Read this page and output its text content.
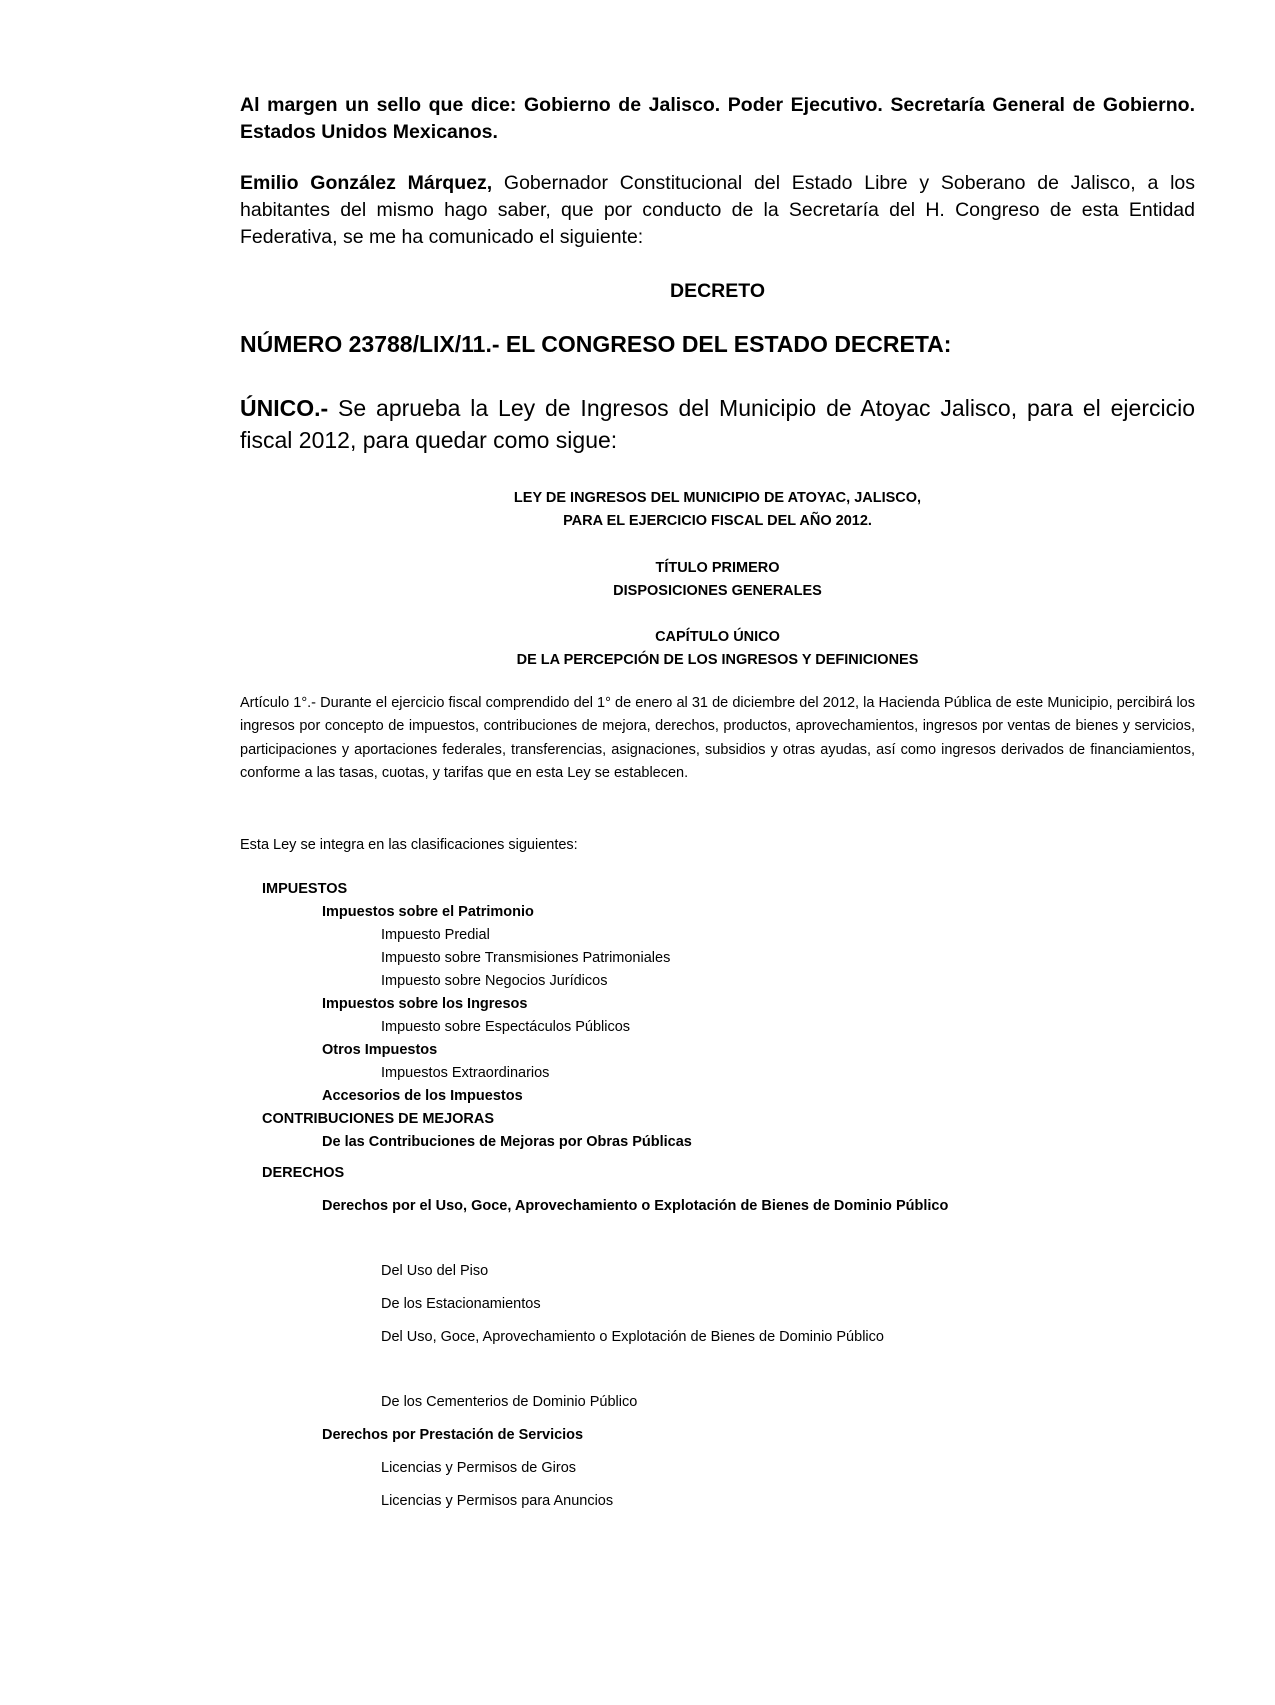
Al margen un sello que dice: Gobierno de Jalisco. Poder Ejecutivo. Secretaría General de Gobierno. Estados Unidos Mexicanos.
Emilio González Márquez, Gobernador Constitucional del Estado Libre y Soberano de Jalisco, a los habitantes del mismo hago saber, que por conducto de la Secretaría del H. Congreso de esta Entidad Federativa, se me ha comunicado el siguiente:
DECRETO
NÚMERO 23788/LIX/11.- EL CONGRESO DEL ESTADO DECRETA:
ÚNICO.- Se aprueba la Ley de Ingresos del Municipio de Atoyac Jalisco, para el ejercicio fiscal 2012, para quedar como sigue:
LEY DE INGRESOS DEL MUNICIPIO DE ATOYAC, JALISCO,
PARA EL EJERCICIO FISCAL DEL AÑO 2012.
TÍTULO PRIMERO
DISPOSICIONES GENERALES
CAPÍTULO ÚNICO
DE LA PERCEPCIÓN DE LOS INGRESOS Y DEFINICIONES
Artículo 1°.- Durante el ejercicio fiscal comprendido del 1° de enero al 31 de diciembre del 2012, la Hacienda Pública de este Municipio, percibirá los ingresos por concepto de impuestos, contribuciones de mejora, derechos, productos, aprovechamientos, ingresos por ventas de bienes y servicios, participaciones y aportaciones federales, transferencias, asignaciones, subsidios y otras ayudas, así como ingresos derivados de financiamientos, conforme a las tasas, cuotas, y tarifas que en esta Ley se establecen.
Esta Ley se integra en las clasificaciones siguientes:
IMPUESTOS
Impuestos sobre el Patrimonio
Impuesto Predial
Impuesto sobre Transmisiones Patrimoniales
Impuesto sobre Negocios Jurídicos
Impuestos sobre los Ingresos
Impuesto sobre Espectáculos Públicos
Otros Impuestos
Impuestos Extraordinarios
Accesorios de los Impuestos
CONTRIBUCIONES DE MEJORAS
De las Contribuciones de Mejoras por Obras Públicas
DERECHOS
Derechos por el Uso, Goce, Aprovechamiento o Explotación de Bienes de Dominio Público
Del Uso del Piso
De los Estacionamientos
Del Uso, Goce, Aprovechamiento o Explotación de Bienes de Dominio Público
De los Cementerios de Dominio Público
Derechos por Prestación de Servicios
Licencias y Permisos de Giros
Licencias y Permisos para Anuncios
